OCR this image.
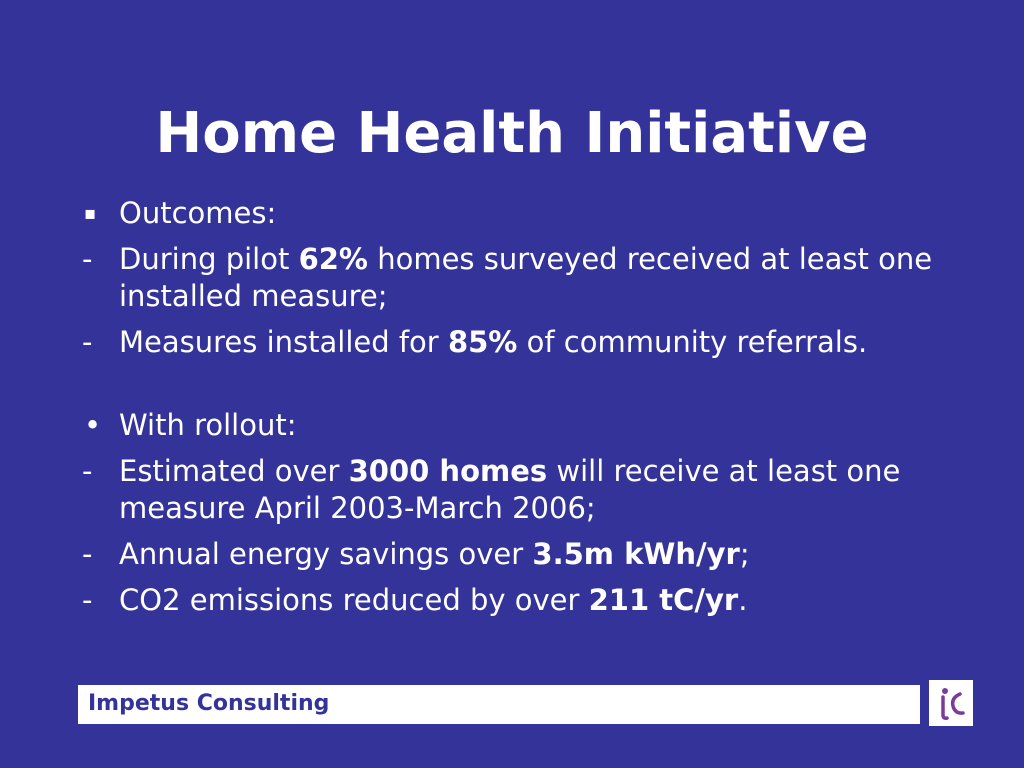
Home Health Initiative
▪ Outcomes:
- During pilot 62% homes surveyed received at least one installed measure;
- Measures installed for 85% of community referrals.
• With rollout:
- Estimated over 3000 homes will receive at least one measure April 2003-March 2006;
- Annual energy savings over 3.5m kWh/yr;
- CO2 emissions reduced by over 211 tC/yr.
Impetus Consulting
